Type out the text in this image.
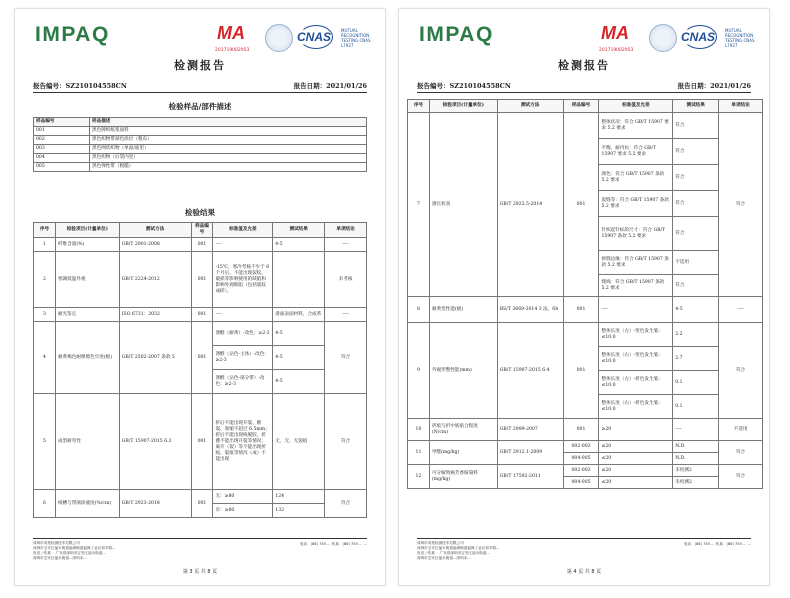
IMPAQ	MA
201719002953
CNAS MUTUAL RECOGNITION TESTING CNAS L7927
检测报告
报告编号：SZ210104558CN	报告日期：2021/01/26
检验样品/部件描述
样品编号	样品描述
001	黑色牌织纸浆面料
002	黑色织物带颜色涂层（粗布）
003	黑色网状织物（单面/面里）
004	黑色织物（后袋内里）
005	黑色弹性带（粗糙）
检验结果
序号	检验项目(计量单位)	测试方法	样品编号	标准值及允差	测试结果	单项结论
1	纤维含量(%)	GB/T 2901-2008	001	----	4-5	----
2	寒湖低温外观	GB/T 2224-2012	001	-15℃，寒冷考核不少于 6 个月后，不能出现裂纹、破损等影响使用的缺陷和影响外观缺陷（包括裂纹成碎）。		未考核
3	耐光鉴定	ISO 6731：2032	001	----	滑面表面材料，合成革	----
4	耐黄褐色耐摩擦色牢度(级)	GB/T 2502-2007 条款 5	001	涤酵（耐黄）-改色：≥2-3	4-5	符合
				涤酵（沾色-主体）-改色：≥2-3	4-5	
				涤酵（沾色-部分带）-改色：≥2-3	4-5	
5	成型耐弯性	GB/T 15907-2015 6.3	001	折后不能出现开裂、断裂、收缩不超过 6.5mm；折后不能出现线脱胶、折叠不能出现开裂等情况；离开（裂）等不能出现折痕、裂痕等情况（成）不能出现	无，无，无裂痕	符合
6	纸槽与带颜涂液度(%/cm)	GB/T 2923-2018	001	无：≥80	124	符合
				有：≥80	132	
深圳市英柏检测技术有限公司
深圳市宝安区福永街道福海街道福海工业区和平路...
电话 / 传真 ：广东省深圳市宝安区福永街道...
深圳市宝安区福永街道...深圳市...
电话：(86) 755 ... 传真：(86) 755 ... ...
第 3 页 共 8 页
IMPAQ	MA
201719002953
CNAS MUTUAL RECOGNITION TESTING CNAS L7927
检测报告
报告编号：SZ210104558CN	报告日期：2021/01/26
序号	检验项目(计量单位)	测试方法	样品编号	标准值及允差	测试结果	单项结论
7	感官检查	GB/T 2923.5-2014	001	整体状况：符合 GB/T 15907 要求 5.2 要求	符合	符合
				平衡、耐内抗：符合 GB/T 15907 要求 5.2 要求	符合	
				颜色：符合 GB/T 15907 条款 5.2 要求	符合	
				裂缝等：符合 GB/T 15907 条款 5.2 要求	符合	
				针织起针标的尺寸：符合 GB/T 15907 条款 5.2 要求	符合	
				拆缝边缘：符合 GB/T 15907 条款 5.2 要求	不适用	
				缝线：符合 GB/T 15907 条款 5.2 要求	符合	
8	耐黄变性能(级)	BS/T 3669-2014 3 法，6h	001	----	4-5	----
9	外观形整性能(mm)	GB/T 15907-2015 6.4	001	整体长度（左）-变色发生皱：≤10.0	2.2	符合
				整体长度（右）-变色发生皱：≤10.0	2.7	
				整体长度（左）-折色发生皱：≤10.0	0.1	
				整体长度（右）-折色发生皱：≤10.0	0.1	
10	折痕与折中底贴合程度 (N/cm)	GB/T 2999-2007	001	≥20	----	不适用
11	甲醛(mg/kg)	GB/T 2912.1-2009	002-003	≤20	N.D.	符合
			004-005	≤20	N.D.	
12	可分解致癌芳香胺染料(mg/kg)	GB/T 17592-2011	002-003	≤20	未检测2	符合
			004-005	≤20	未检测2	
深圳市英柏检测技术有限公司
深圳市宝安区福永街道福海街道福海工业区和平路...
电话 / 传真 ：广东省深圳市宝安区福永街道...
深圳市宝安区福永街道...深圳市...
电话：(86) 755 ... 传真：(86) 755 ... ...
第 4 页 共 8 页
